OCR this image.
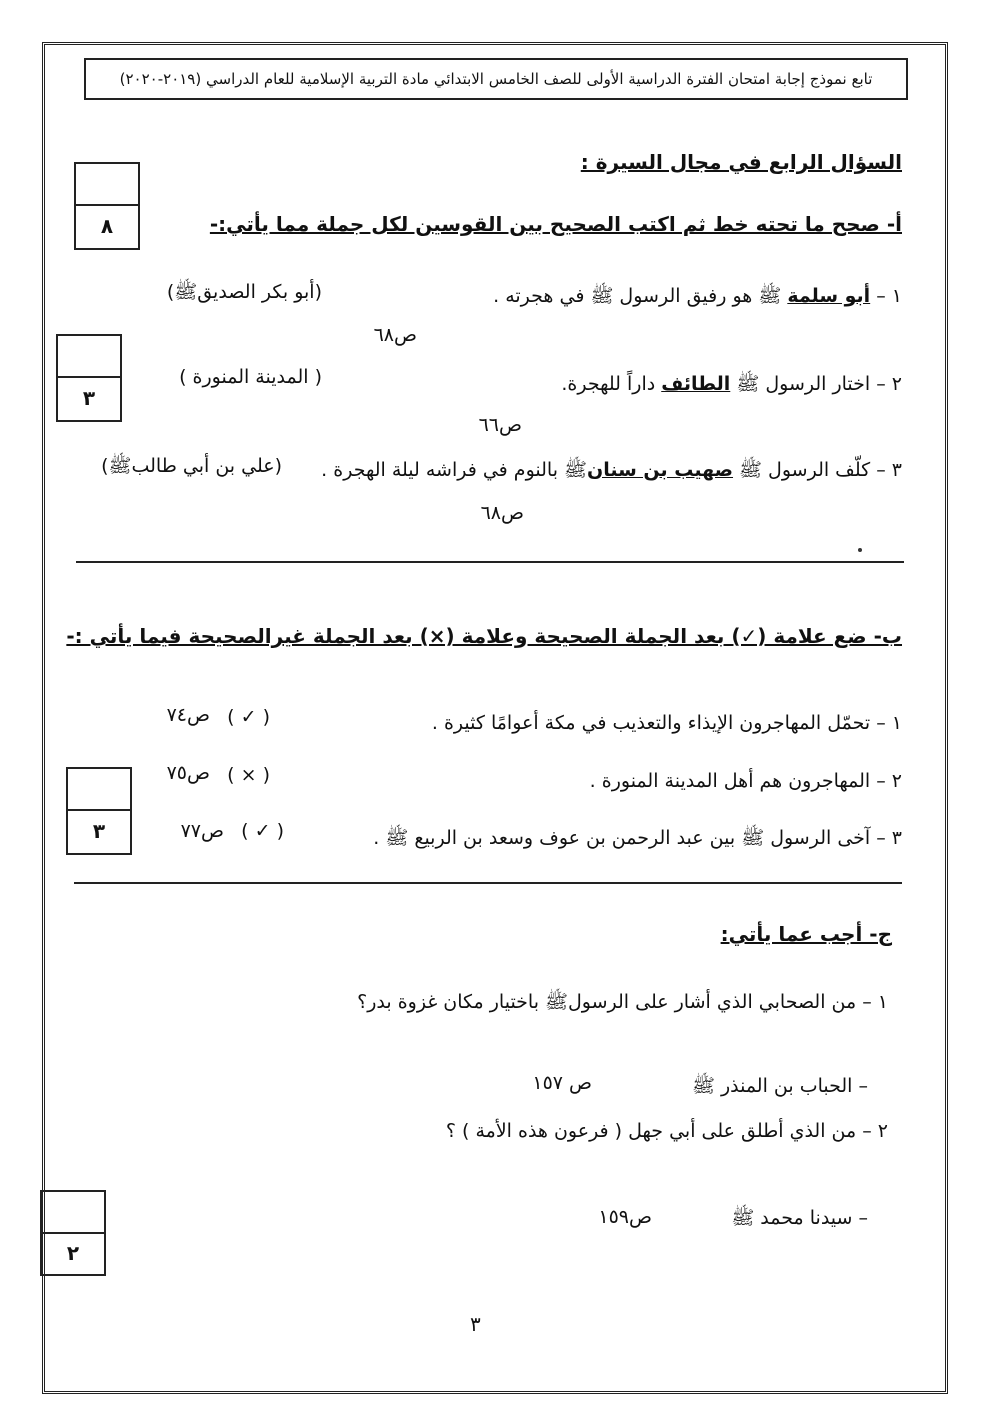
تابع نموذج إجابة امتحان الفترة الدراسية الأولى للصف الخامس الابتدائي مادة التربية الإسلامية للعام الدراسي (٢٠١٩-٢٠٢٠)
السؤال الرابع في مجال السيرة :
٨	أ- صحح ما تحته خط ثم اكتب الصحيح بين القوسين لكل جملة مما يأتي:-
١ – أبو سلمة ﷺ هو رفيق الرسول ﷺ في هجرته .
(أبو بكر الصديقﷺ)
ص٦٨
٣
٢ – اختار الرسول ﷺ الطائف داراً للهجرة.
( المدينة المنورة )
ص٦٦
٣ – كلّف الرسول ﷺ صهيب بن سنانﷺ بالنوم في فراشه ليلة الهجرة .
(علي بن أبي طالبﷺ)
ص٦٨
ب- ضع علامة (✓) بعد الجملة الصحيحة وعلامة (×) بعد الجملة غيرالصحيحة فيما يأتي :-
١ – تحمّل المهاجرون الإيذاء والتعذيب في مكة أعوامًا كثيرة .
( ✓ )
ص٧٤
٣
٢ – المهاجرون هم أهل المدينة المنورة .
( × )
ص٧٥
٣ – آخى الرسول ﷺ بين عبد الرحمن بن عوف وسعد بن الربيع ﷺ .
( ✓ )
ص٧٧
ج- أجب عما يأتي:
١ – من الصحابي الذي أشار على الرسولﷺ باختيار مكان غزوة بدر؟
– الحباب بن المنذر ﷺ
ص ١٥٧
٢ – من الذي أطلق على أبي جهل ( فرعون هذه الأمة ) ؟
٢
– سيدنا محمد ﷺ
ص١٥٩
٣
